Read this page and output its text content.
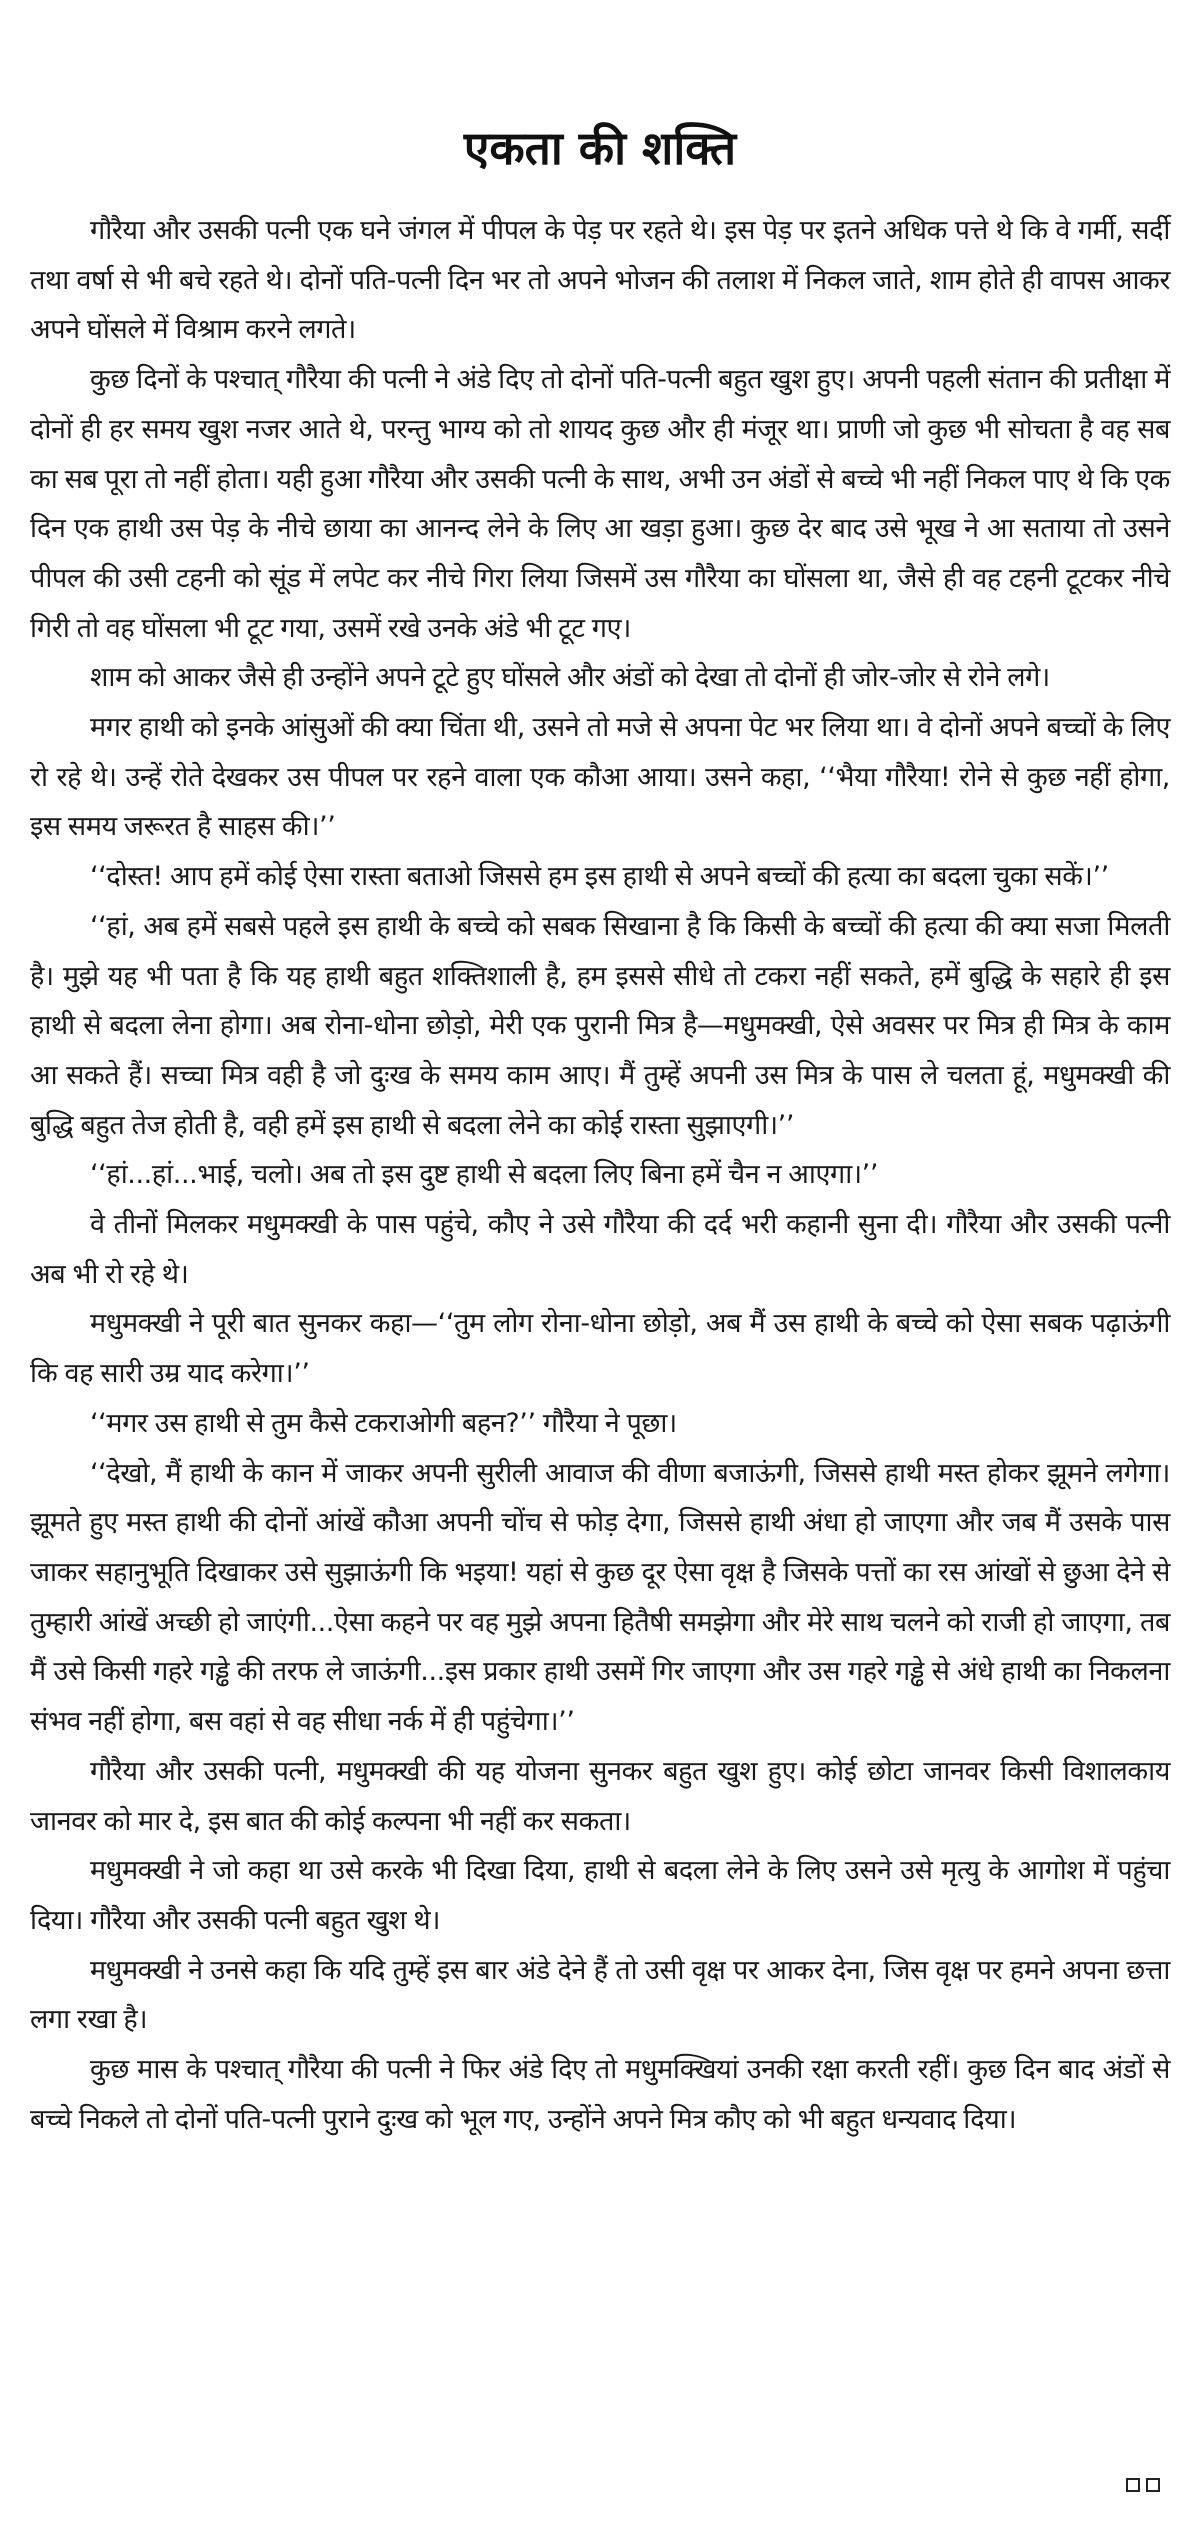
एकता की शक्ति

गौरैया और उसकी पत्नी एक घने जंगल में पीपल के पेड़ पर रहते थे। इस पेड़ पर इतने अधिक पत्ते थे कि वे गर्मी, सर्दी तथा वर्षा से भी बचे रहते थे। दोनों पति-पत्नी दिन भर तो अपने भोजन की तलाश में निकल जाते, शाम होते ही वापस आकर अपने घोंसले में विश्राम करने लगते।

कुछ दिनों के पश्चात् गौरैया की पत्नी ने अंडे दिए तो दोनों पति-पत्नी बहुत खुश हुए। अपनी पहली संतान की प्रतीक्षा में दोनों ही हर समय खुश नजर आते थे, परन्तु भाग्य को तो शायद कुछ और ही मंजूर था। प्राणी जो कुछ भी सोचता है वह सब का सब पूरा तो नहीं होता। यही हुआ गौरैया और उसकी पत्नी के साथ, अभी उन अंडों से बच्चे भी नहीं निकल पाए थे कि एक दिन एक हाथी उस पेड़ के नीचे छाया का आनन्द लेने के लिए आ खड़ा हुआ। कुछ देर बाद उसे भूख ने आ सताया तो उसने पीपल की उसी टहनी को सूंड में लपेट कर नीचे गिरा लिया जिसमें उस गौरैया का घोंसला था, जैसे ही वह टहनी टूटकर नीचे गिरी तो वह घोंसला भी टूट गया, उसमें रखे उनके अंडे भी टूट गए।

शाम को आकर जैसे ही उन्होंने अपने टूटे हुए घोंसले और अंडों को देखा तो दोनों ही जोर-जोर से रोने लगे।

मगर हाथी को इनके आंसुओं की क्या चिंता थी, उसने तो मजे से अपना पेट भर लिया था। वे दोनों अपने बच्चों के लिए रो रहे थे। उन्हें रोते देखकर उस पीपल पर रहने वाला एक कौआ आया। उसने कहा, ‘‘भैया गौरैया! रोने से कुछ नहीं होगा, इस समय जरूरत है साहस की।’’

‘‘दोस्त! आप हमें कोई ऐसा रास्ता बताओ जिससे हम इस हाथी से अपने बच्चों की हत्या का बदला चुका सकें।’’

‘‘हां, अब हमें सबसे पहले इस हाथी के बच्चे को सबक सिखाना है कि किसी के बच्चों की हत्या की क्या सजा मिलती है। मुझे यह भी पता है कि यह हाथी बहुत शक्तिशाली है, हम इससे सीधे तो टकरा नहीं सकते, हमें बुद्धि के सहारे ही इस हाथी से बदला लेना होगा। अब रोना-धोना छोड़ो, मेरी एक पुरानी मित्र है—मधुमक्खी, ऐसे अवसर पर मित्र ही मित्र के काम आ सकते हैं। सच्चा मित्र वही है जो दुःख के समय काम आए। मैं तुम्हें अपनी उस मित्र के पास ले चलता हूं, मधुमक्खी की बुद्धि बहुत तेज होती है, वही हमें इस हाथी से बदला लेने का कोई रास्ता सुझाएगी।’’

‘‘हां...हां...भाई, चलो। अब तो इस दुष्ट हाथी से बदला लिए बिना हमें चैन न आएगा।’’

वे तीनों मिलकर मधुमक्खी के पास पहुंचे, कौए ने उसे गौरैया की दर्द भरी कहानी सुना दी। गौरैया और उसकी पत्नी अब भी रो रहे थे।

मधुमक्खी ने पूरी बात सुनकर कहा—‘‘तुम लोग रोना-धोना छोड़ो, अब मैं उस हाथी के बच्चे को ऐसा सबक पढ़ाऊंगी कि वह सारी उम्र याद करेगा।’’

‘‘मगर उस हाथी से तुम कैसे टकराओगी बहन?’’ गौरैया ने पूछा।

‘‘देखो, मैं हाथी के कान में जाकर अपनी सुरीली आवाज की वीणा बजाऊंगी, जिससे हाथी मस्त होकर झूमने लगेगा। झूमते हुए मस्त हाथी की दोनों आंखें कौआ अपनी चोंच से फोड़ देगा, जिससे हाथी अंधा हो जाएगा और जब मैं उसके पास जाकर सहानुभूति दिखाकर उसे सुझाऊंगी कि भइया! यहां से कुछ दूर ऐसा वृक्ष है जिसके पत्तों का रस आंखों से छुआ देने से तुम्हारी आंखें अच्छी हो जाएंगी...ऐसा कहने पर वह मुझे अपना हितैषी समझेगा और मेरे साथ चलने को राजी हो जाएगा, तब मैं उसे किसी गहरे गड्ढे की तरफ ले जाऊंगी...इस प्रकार हाथी उसमें गिर जाएगा और उस गहरे गड्ढे से अंधे हाथी का निकलना संभव नहीं होगा, बस वहां से वह सीधा नर्क में ही पहुंचेगा।’’

गौरैया और उसकी पत्नी, मधुमक्खी की यह योजना सुनकर बहुत खुश हुए। कोई छोटा जानवर किसी विशालकाय जानवर को मार दे, इस बात की कोई कल्पना भी नहीं कर सकता।

मधुमक्खी ने जो कहा था उसे करके भी दिखा दिया, हाथी से बदला लेने के लिए उसने उसे मृत्यु के आगोश में पहुंचा दिया। गौरैया और उसकी पत्नी बहुत खुश थे।

मधुमक्खी ने उनसे कहा कि यदि तुम्हें इस बार अंडे देने हैं तो उसी वृक्ष पर आकर देना, जिस वृक्ष पर हमने अपना छत्ता लगा रखा है।

कुछ मास के पश्चात् गौरैया की पत्नी ने फिर अंडे दिए तो मधुमक्खियां उनकी रक्षा करती रहीं। कुछ दिन बाद अंडों से बच्चे निकले तो दोनों पति-पत्नी पुराने दुःख को भूल गए, उन्होंने अपने मित्र कौए को भी बहुत धन्यवाद दिया।
